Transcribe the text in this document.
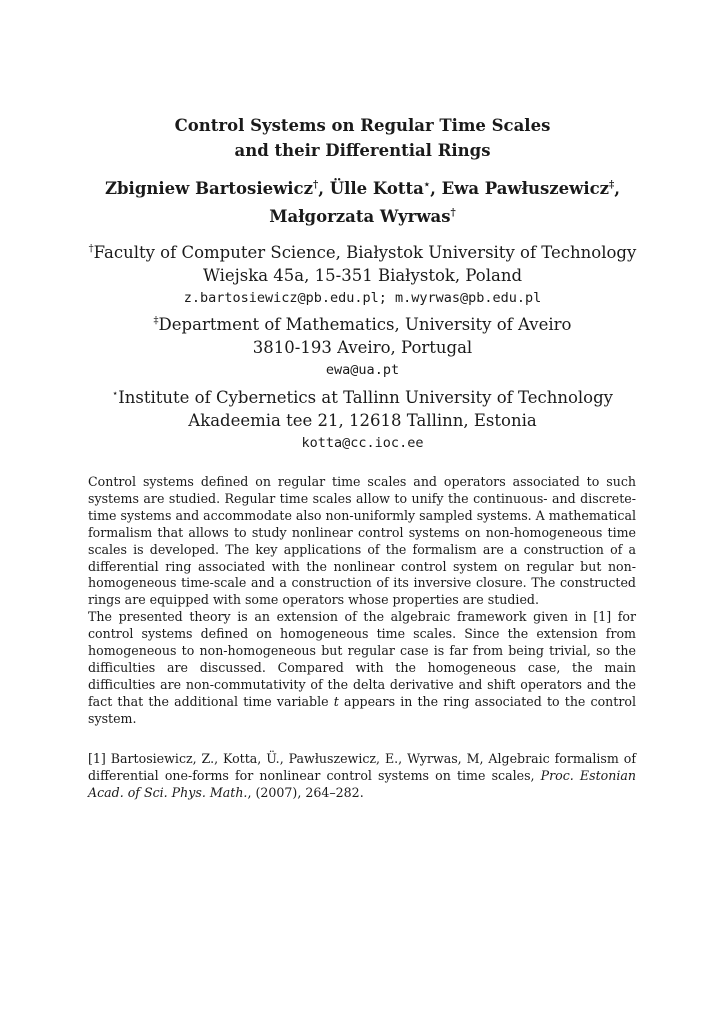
Control Systems on Regular Time Scales
and their Differential Rings
Zbigniew Bartosiewicz†, Ülle Kotta⋆, Ewa Pawłuszewicz‡,
Małgorzata Wyrwas†
†Faculty of Computer Science, Białystok University of Technology
Wiejska 45a, 15-351 Białystok, Poland
z.bartosiewicz@pb.edu.pl; m.wyrwas@pb.edu.pl
‡Department of Mathematics, University of Aveiro
3810-193 Aveiro, Portugal
ewa@ua.pt
⋆Institute of Cybernetics at Tallinn University of Technology
Akadeemia tee 21, 12618 Tallinn, Estonia
kotta@cc.ioc.ee

Control systems defined on regular time scales and operators associated to such systems are studied. Regular time scales allow to unify the continuous- and discrete-time systems and accommodate also non-uniformly sampled systems. A mathematical formalism that allows to study nonlinear control systems on non-homogeneous time scales is developed. The key applications of the formalism are a construction of a differential ring associated with the nonlinear control system on regular but non-homogeneous time-scale and a construction of its inversive closure. The constructed rings are equipped with some operators whose properties are studied.

The presented theory is an extension of the algebraic framework given in [1] for control systems defined on homogeneous time scales. Since the extension from homogeneous to non-homogeneous but regular case is far from being trivial, so the difficulties are discussed. Compared with the homogeneous case, the main difficulties are non-commutativity of the delta derivative and shift operators and the fact that the additional time variable t appears in the ring associated to the control system.

[1] Bartosiewicz, Z., Kotta, Ü., Pawłuszewicz, E., Wyrwas, M, Algebraic formalism of differential one-forms for nonlinear control systems on time scales, Proc. Estonian Acad. of Sci. Phys. Math., (2007), 264–282.
